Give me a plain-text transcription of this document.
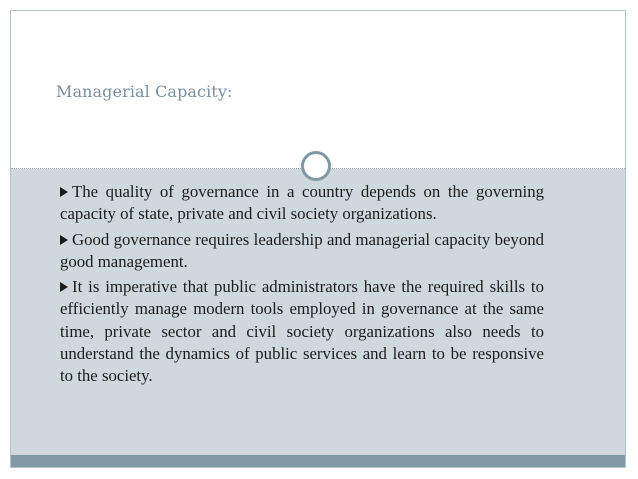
Managerial Capacity:
The quality of governance in a country depends on the governing capacity of state, private and civil society organizations.
Good governance requires leadership and managerial capacity beyond good management.
It is imperative that public administrators have the required skills to efficiently manage modern tools employed in governance at the same time, private sector and civil society organizations also needs to understand the dynamics of public services and learn to be responsive to the society.
